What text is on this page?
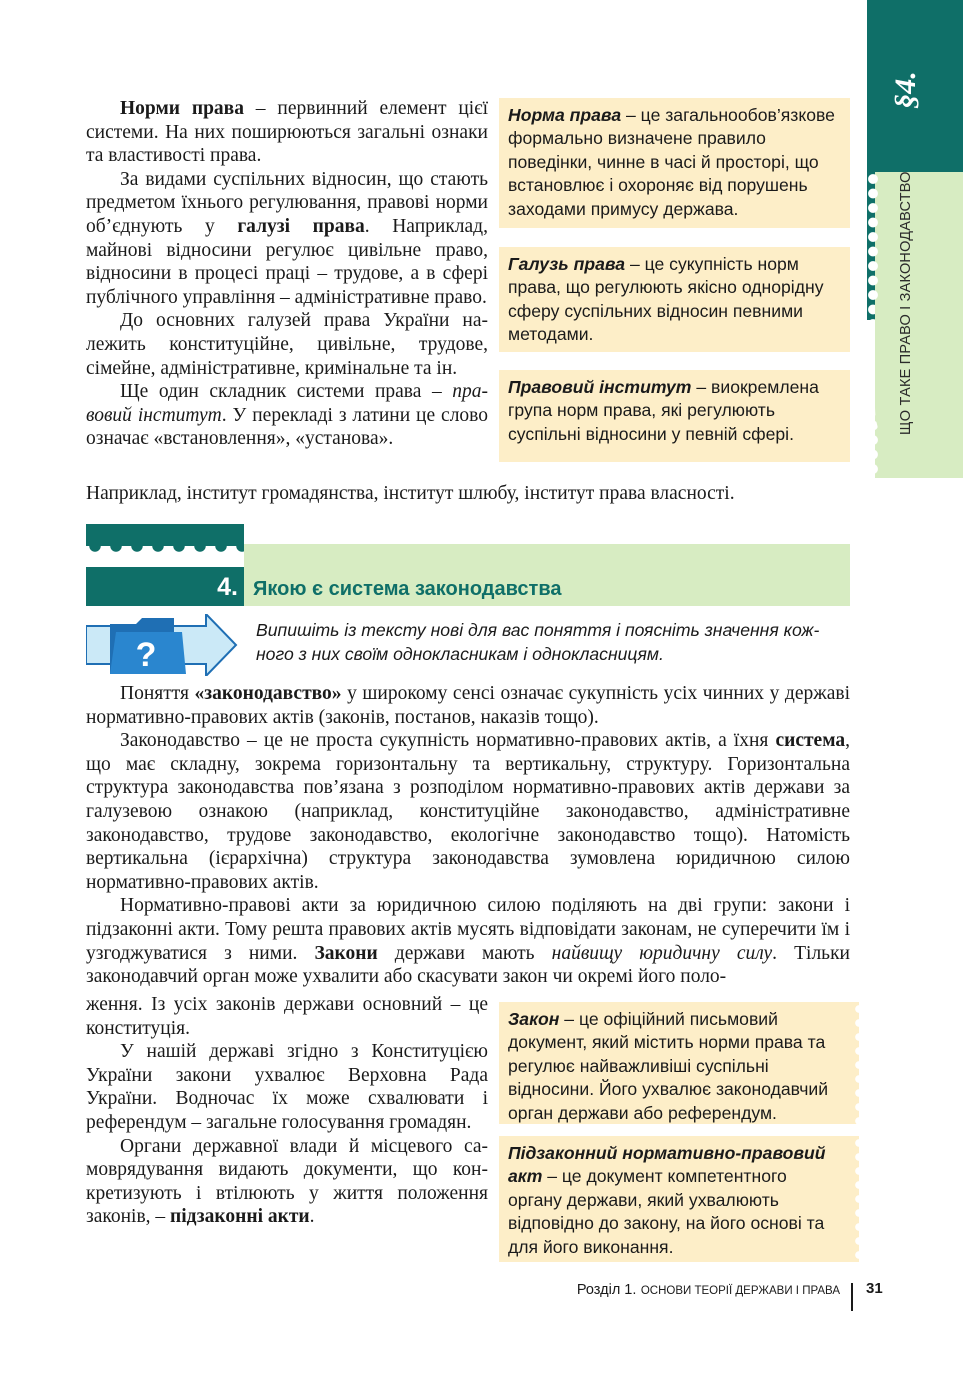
§4.
ЩО ТАКЕ ПРАВО І ЗАКОНОДАВСТВО

Норми права – первинний елемент цієї системи. На них поширюються загальні ознаки та властивості права.

За видами суспільних відносин, що стають предметом їхнього регулювання, правові норми об’єднують у галузі права. Наприклад, майнові відносини регулює цивільне право, відносини в процесі праці – трудове, а в сфері публічного управління – адміністративне право.

До основних галузей права України належить конституційне, цивільне, трудове, сімейне, адміністративне, кримінальне та ін.

Ще один складник системи права – правовий інститут. У перекладі з латини це слово означає «встановлення», «установа».

Наприклад, інститут громадянства, інститут шлюбу, інститут права власності.

Норма права – це загальнообов’язкове формально визначене правило поведінки, чинне в часі й просторі, що встановлює і охороняє від порушень заходами примусу держава.

Галузь права – це сукупність норм права, що регулюють якісно однорідну сферу суспільних відносин певними методами.

Правовий інститут – виокремлена група норм права, які регулюють суспільні відносини у певній сфері.

4. Якою є система законодавства
?
Випишіть із тексту нові для вас поняття і поясніть значення кожного з них своїм однокласникам і однокласницям.

Поняття «законодавство» у широкому сенсі означає сукупність усіх чинних у державі нормативно-правових актів (законів, постанов, наказів тощо).

Законодавство – це не проста сукупність нормативно-правових актів, а їхня система, що має складну, зокрема горизонтальну та вертикальну, структуру. Горизонтальна структура законодавства пов’язана з розподілом нормативно-правових актів держави за галузевою ознакою (наприклад, конституційне законодавство, адміністративне законодавство, трудове законодавство, екологічне законодавство тощо). Натомість вертикальна (ієрархічна) структура законодавства зумовлена юридичною силою нормативно-правових актів.

Нормативно-правові акти за юридичною силою поділяють на дві групи: закони і підзаконні акти. Тому решта правових актів мусять відповідати законам, не суперечити їм і узгоджуватися з ними. Закони держави мають найвищу юридичну силу. Тільки законодавчий орган може ухвалити або скасувати закон чи окремі його поло-

ження. Із усіх законів держави основний – це конституція.

У нашій державі згідно з Конституцією України закони ухвалює Верховна Рада України. Водночас їх може схвалювати і референдум – загальне голосування громадян.

Органи державної влади й місцевого самоврядування видають документи, що конкретизують і втілюють у життя положення законів, – підзаконні акти.

Закон – це офіційний письмовий документ, який містить норми права та регулює найважливіші суспільні відносини. Його ухвалює законодавчий орган держави або референдум.

Підзаконний нормативно-правовий акт – це документ компетентного органу держави, який ухвалюють відповідно до закону, на його основі та для його виконання.

Розділ 1. ОСНОВИ ТЕОРІЇ ДЕРЖАВИ І ПРАВА 31
